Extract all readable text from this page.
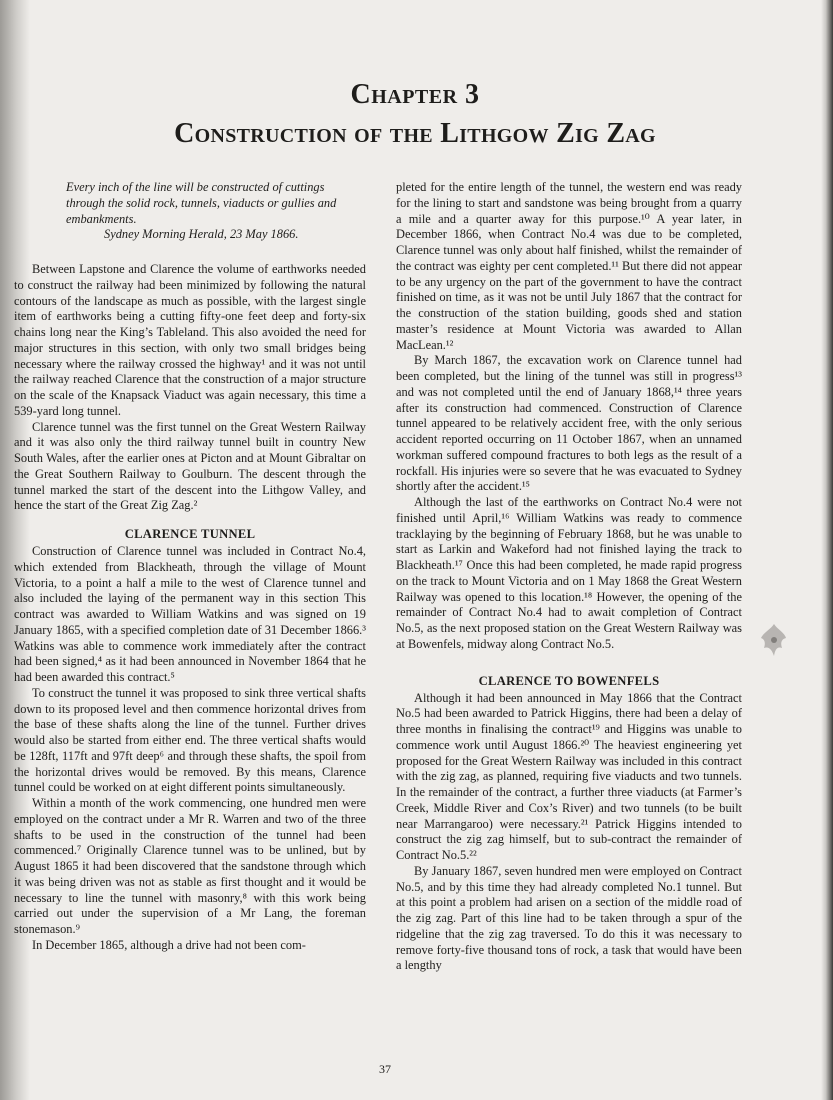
Chapter 3
Construction of the Lithgow Zig Zag
Every inch of the line will be constructed of cuttings through the solid rock, tunnels, viaducts or gullies and embankments.
Sydney Morning Herald, 23 May 1866.

Between Lapstone and Clarence the volume of earthworks needed to construct the railway had been minimized by following the natural contours of the landscape as much as possible, with the largest single item of earthworks being a cutting fifty-one feet deep and forty-six chains long near the King’s Tableland. This also avoided the need for major structures in this section, with only two small bridges being necessary where the railway crossed the highway¹ and it was not until the railway reached Clarence that the construction of a major structure on the scale of the Knapsack Viaduct was again necessary, this time a 539-yard long tunnel.

Clarence tunnel was the first tunnel on the Great Western Railway and it was also only the third railway tunnel built in country New South Wales, after the earlier ones at Picton and at Mount Gibraltar on the Great Southern Railway to Goulburn. The descent through the tunnel marked the start of the descent into the Lithgow Valley, and hence the start of the Great Zig Zag.²

CLARENCE TUNNEL

Construction of Clarence tunnel was included in Contract No.4, which extended from Blackheath, through the village of Mount Victoria, to a point a half a mile to the west of Clarence tunnel and also included the laying of the permanent way in this section This contract was awarded to William Watkins and was signed on 19 January 1865, with a specified completion date of 31 December 1866.³ Watkins was able to commence work immediately after the contract had been signed,⁴ as it had been announced in November 1864 that he had been awarded this contract.⁵

To construct the tunnel it was proposed to sink three vertical shafts down to its proposed level and then commence horizontal drives from the base of these shafts along the line of the tunnel. Further drives would also be started from either end. The three vertical shafts would be 128ft, 117ft and 97ft deep⁶ and through these shafts, the spoil from the horizontal drives would be removed. By this means, Clarence tunnel could be worked on at eight different points simultaneously.

Within a month of the work commencing, one hundred men were employed on the contract under a Mr R. Warren and two of the three shafts to be used in the construction of the tunnel had been commenced.⁷ Originally Clarence tunnel was to be unlined, but by August 1865 it had been discovered that the sandstone through which it was being driven was not as stable as first thought and it would be necessary to line the tunnel with masonry,⁸ with this work being carried out under the supervision of a Mr Lang, the foreman stonemason.⁹

In December 1865, although a drive had not been com-

pleted for the entire length of the tunnel, the western end was ready for the lining to start and sandstone was being brought from a quarry a mile and a quarter away for this purpose.¹⁰ A year later, in December 1866, when Contract No.4 was due to be completed, Clarence tunnel was only about half finished, whilst the remainder of the contract was eighty per cent completed.¹¹ But there did not appear to be any urgency on the part of the government to have the contract finished on time, as it was not be until July 1867 that the contract for the construction of the station building, goods shed and station master’s residence at Mount Victoria was awarded to Allan MacLean.¹²

By March 1867, the excavation work on Clarence tunnel had been completed, but the lining of the tunnel was still in progress¹³ and was not completed until the end of January 1868,¹⁴ three years after its construction had commenced. Construction of Clarence tunnel appeared to be relatively accident free, with the only serious accident reported occurring on 11 October 1867, when an unnamed workman suffered compound fractures to both legs as the result of a rockfall. His injuries were so severe that he was evacuated to Sydney shortly after the accident.¹⁵

Although the last of the earthworks on Contract No.4 were not finished until April,¹⁶ William Watkins was ready to commence tracklaying by the beginning of February 1868, but he was unable to start as Larkin and Wakeford had not finished laying the track to Blackheath.¹⁷ Once this had been completed, he made rapid progress on the track to Mount Victoria and on 1 May 1868 the Great Western Railway was opened to this location.¹⁸ However, the opening of the remainder of Contract No.4 had to await completion of Contract No.5, as the next proposed station on the Great Western Railway was at Bowenfels, midway along Contract No.5.

CLARENCE TO BOWENFELS

Although it had been announced in May 1866 that the Contract No.5 had been awarded to Patrick Higgins, there had been a delay of three months in finalising the contract¹⁹ and Higgins was unable to commence work until August 1866.²⁰ The heaviest engineering yet proposed for the Great Western Railway was included in this contract with the zig zag, as planned, requiring five viaducts and two tunnels. In the remainder of the contract, a further three viaducts (at Farmer’s Creek, Middle River and Cox’s River) and two tunnels (to be built near Marrangaroo) were necessary.²¹ Patrick Higgins intended to construct the zig zag himself, but to sub-contract the remainder of Contract No.5.²²

By January 1867, seven hundred men were employed on Contract No.5, and by this time they had already completed No.1 tunnel. But at this point a problem had arisen on a section of the middle road of the zig zag. Part of this line had to be taken through a spur of the ridgeline that the zig zag traversed. To do this it was necessary to remove forty-five thousand tons of rock, a task that would have been a lengthy

37
